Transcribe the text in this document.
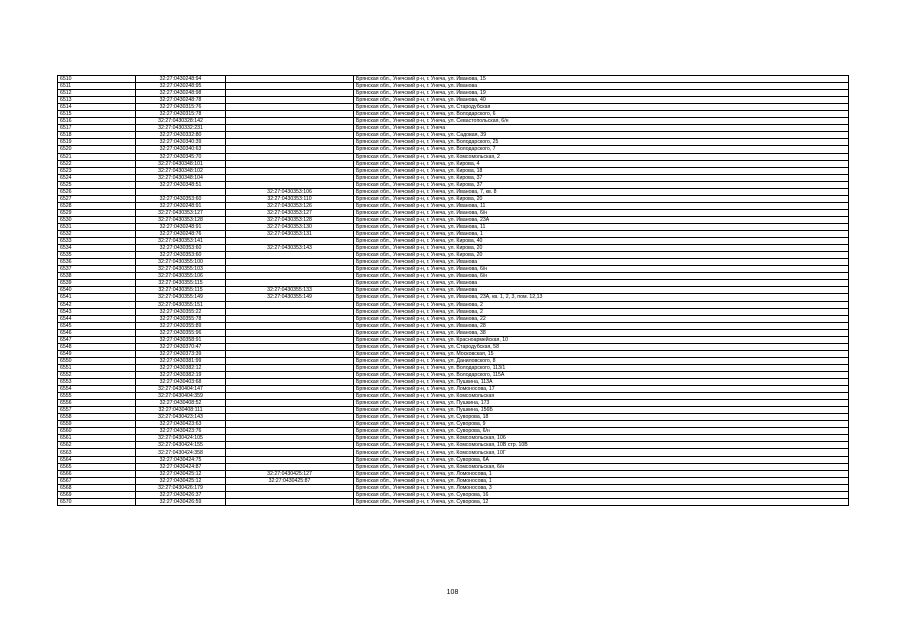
6510	32:27:0430248:94		Брянская обл., Унечский р-н, г. Унеча, ул. Иванова, 15
6511	32:27:0430248:95		Брянская обл., Унечский р-н, г. Унеча, ул. Иванова
6512	32:27:0430248:98		Брянская обл., Унечский р-н, г. Унеча, ул. Иванова, 19
6513	32:27:0430248:78		Брянская обл., Унечский р-н, г. Унеча, ул. Иванова, 40
6514	32:27:0430315:76		Брянская обл., Унечский р-н, г. Унеча, ул. Стародубская
6515	32:27:0430315:78		Брянская обл., Унечский р-н, г. Унеча, ул. Володарского, 6
6516	32:27:0430328:142		Брянская обл., Унечский р-н, г. Унеча, ул. Севастопольская, 6/н
6517	32:27:0430332:231		Брянская обл., Унечский р-н, г. Унеча
6518	32:27:0430332:80		Брянская обл., Унечский р-н, г. Унеча, ул. Садовая, 39
6519	32:27:0430340:39		Брянская обл., Унечский р-н, г. Унеча, ул. Володарского, 25
6520	32:27:0430340:63		Брянская обл., Унечский р-н, г. Унеча, ул. Володарского, 7
6521	32:27:0430345:70		Брянская обл., Унечский р-н, г. Унеча, ул. Комсомольская, 2
6522	32:27:0430348:101		Брянская обл., Унечский р-н, г. Унеча, ул. Кирова, 4
6523	32:27:0430348:102		Брянская обл., Унечский р-н, г. Унеча, ул. Кирова, 18
6524	32:27:0430348:104		Брянская обл., Унечский р-н, г. Унеча, ул. Кирова, 37
6525	32:27:0430348:51		Брянская обл., Унечский р-н, г. Унеча, ул. Кирова, 37
6526		32:27:0430353:106	Брянская обл., Унечский р-н, г. Унеча, ул. Иванова, 7, кв. 8
6527	32:27:0430353:60	32:27:0430353:110	Брянская обл., Унечский р-н, г. Унеча, ул. Кирова, 20
6528	32:27:0430248:91	32:27:0430353:126	Брянская обл., Унечский р-н, г. Унеча, ул. Иванова, 11
6529	32:27:0430353:127	32:27:0430353:127	Брянская обл., Унечский р-н, г. Унеча, ул. Иванова, 6/н
6530	32:27:0430353:128	32:27:0430353:128	Брянская обл., Унечский р-н, г. Унеча, ул. Иванова, 23А
6531	32:27:0430248:91	32:27:0430353:130	Брянская обл., Унечский р-н, г. Унеча, ул. Иванова, 11
6532	32:27:0430248:76	32:27:0430353:131	Брянская обл., Унечский р-н, г. Унеча, ул. Иванова, 1
6533	32:27:0430353:141		Брянская обл., Унечский р-н, г. Унеча, ул. Кирова, 40
6534	32:27:0430353:60	32:27:0430353:143	Брянская обл., Унечский р-н, г. Унеча, ул. Кирова, 20
6535	32:27:0430353:60		Брянская обл., Унечский р-н, г. Унеча, ул. Кирова, 20
6536	32:27:0430355:100		Брянская обл., Унечский р-н, г. Унеча, ул. Иванова
6537	32:27:0430355:103		Брянская обл., Унечский р-н, г. Унеча, ул. Иванова, 6/н
6538	32:27:0430355:106		Брянская обл., Унечский р-н, г. Унеча, ул. Иванова, 6/н
6539	32:27:0430355:115		Брянская обл., Унечский р-н, г. Унеча, ул. Иванова
6540	32:27:0430355:115	32:27:0430355:133	Брянская обл., Унечский р-н, г. Унеча, ул. Иванова
6541	32:27:0430355:149	32:27:0430355:149	Брянская обл., Унечский р-н, г. Унеча, ул. Иванова, 23А, кв. 1, 2, 3, пом. 12,13
6542	32:27:0430355:151		Брянская обл., Унечский р-н, г. Унеча, ул. Иванова, 2
6543	32:27:0430355:22		Брянская обл., Унечский р-н, г. Унеча, ул. Иванова, 2
6544	32:27:0430355:78		Брянская обл., Унечский р-н, г. Унеча, ул. Иванова, 22
6545	32:27:0430355:89		Брянская обл., Унечский р-н, г. Унеча, ул. Иванова, 28
6546	32:27:0430355:96		Брянская обл., Унечский р-н, г. Унеча, ул. Иванова, 38
6547	32:27:0430358:91		Брянская обл., Унечский р-н, г. Унеча, ул. Красноармейская, 10
6548	32:27:0430370:47		Брянская обл., Унечский р-н, г. Унеча, ул. Стародубская, 58
6549	32:27:0430373:39		Брянская обл., Унечский р-н, г. Унеча, ул. Московская, 15
6550	32:27:0430381:99		Брянская обл., Унечский р-н, г. Унеча, ул. Даниловского, 8
6551	32:27:0430382:12		Брянская обл., Унечский р-н, г. Унеча, ул. Володарского, 113/1
6552	32:27:0430382:19		Брянская обл., Унечский р-н, г. Унеча, ул. Володарского, 115А
6553	32:27:0430403:68		Брянская обл., Унечский р-н, г. Унеча, ул. Пушкина, 113А
6554	32:27:0430404:147		Брянская обл., Унечский р-н, г. Унеча, ул. Ломоносова, 17
6555	32:27:0430404:359		Брянская обл., Унечский р-н, г. Унеча, ул. Комсомольская
6556	32:27:0430408:52		Брянская обл., Унечский р-н, г. Унеча, ул. Пушкина, 173
6557	32:27:0430408:111		Брянская обл., Унечский р-н, г. Унеча, ул. Пушкина, 156Б
6558	32:27:0430423:143		Брянская обл., Унечский р-н, г. Унеча, ул. Суворова, 18
6559	32:27:0430423:63		Брянская обл., Унечский р-н, г. Унеча, ул. Суворова, 9
6560	32:27:0430423:76		Брянская обл., Унечский р-н, г. Унеча, ул. Суворова, 6/н
6561	32:27:0430424:105		Брянская обл., Унечский р-н, г. Унеча, ул. Комсомольская, 106
6562	32:27:0430424:155		Брянская обл., Унечский р-н, г. Унеча, ул. Комсомольская, 10В стр. 10В
6563	32:27:0430424:358		Брянская обл., Унечский р-н, г. Унеча, ул. Комсомольская, 10Г
6564	32:27:0430424:75		Брянская обл., Унечский р-н, г. Унеча, ул. Суворова, 6А
6565	32:27:0430424:87		Брянская обл., Унечский р-н, г. Унеча, ул. Комсомольская, 6/н
6566	32:27:0430425:12	32:27:0430425:127	Брянская обл., Унечский р-н, г. Унеча, ул. Ломоносова, 1
6567	32:27:0430425:12	32:27:0430425:87	Брянская обл., Унечский р-н, г. Унеча, ул. Ломоносова, 1
6568	32:27:0430426:179		Брянская обл., Унечский р-н, г. Унеча, ул. Ломоносова, 3
6569	32:27:0430426:37		Брянская обл., Унечский р-н, г. Унеча, ул. Суворова, 16
6570	32:27:0430426:59		Брянская обл., Унечский р-н, г. Унеча, ул. Суворова, 12
108
